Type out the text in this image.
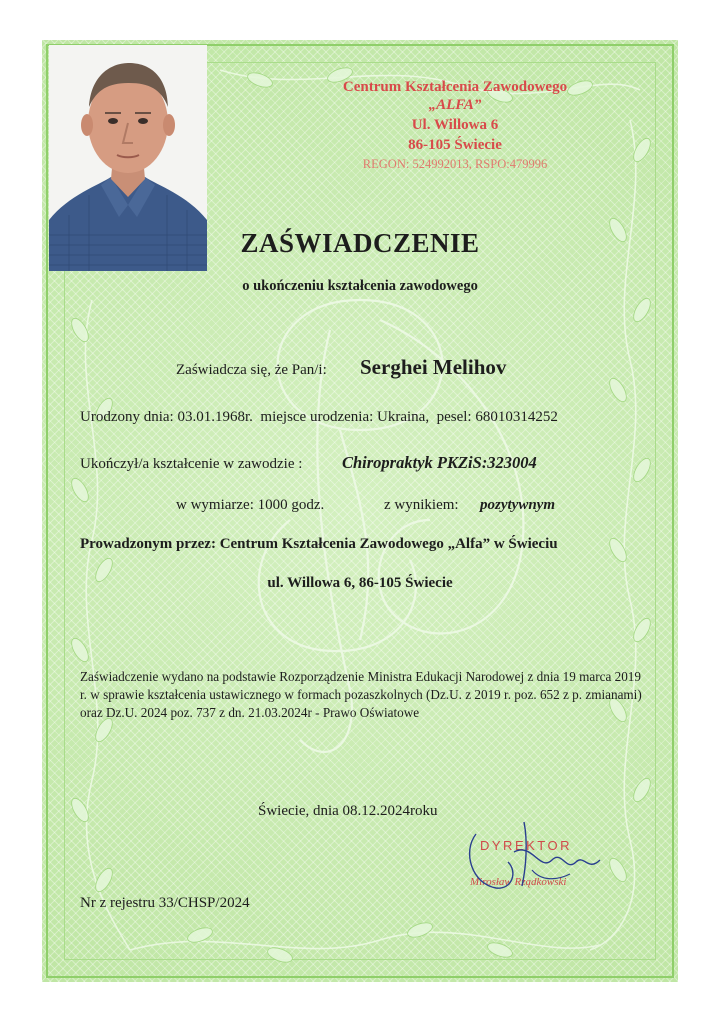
Centrum Kształcenia Zawodowego
„ALFA”
Ul. Willowa 6
86-105 Świecie
REGON: 524992013, RSPO:479996
ZAŚWIADCZENIE
o ukończeniu kształcenia zawodowego
Zaświadcza się, że Pan/i: Serghei Melihov
Urodzony dnia: 03.01.1968r. miejsce urodzenia: Ukraina, pesel: 68010314252
Ukończył/a kształcenie w zawodzie : Chiropraktyk PKZiS:323004
w wymiarze: 1000 godz.	z wynikiem: pozytywnym
Prowadzonym przez: Centrum Kształcenia Zawodowego „Alfa” w Świeciu
ul. Willowa 6, 86-105 Świecie
Zaświadczenie wydano na podstawie Rozporządzenie Ministra Edukacji Narodowej z dnia 19 marca 2019 r. w sprawie kształcenia ustawicznego w formach pozaszkolnych (Dz.U. z 2019 r. poz. 652 z p. zmianami) oraz Dz.U. 2024 poz. 737 z dn. 21.03.2024r - Prawo Oświatowe
Świecie, dnia 08.12.2024roku
DYREKTOR
Mirosław Rządkowski
Nr z rejestru 33/CHSP/2024
